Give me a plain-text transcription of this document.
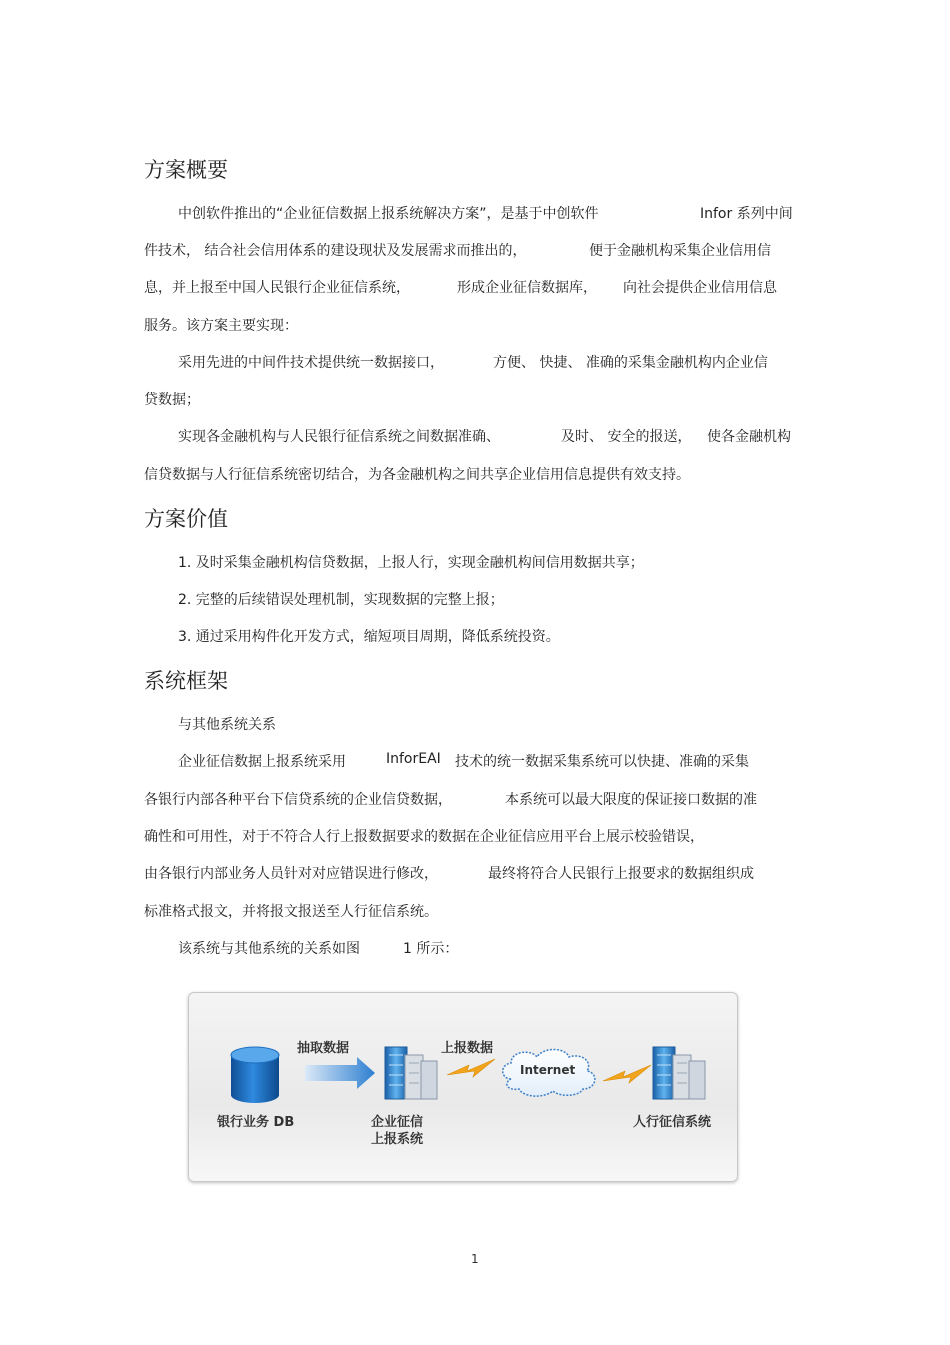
方案概要
中创软件推出的“企业征信数据上报系统解决方案”，是基于中创软件	Infor 系列中间
件技术， 结合社会信用体系的建设现状及发展需求而推出的，	便于金融机构采集企业信用信
息，并上报至中国人民银行企业征信系统，	形成企业征信数据库， 向社会提供企业信用信息
服务。该方案主要实现：
采用先进的中间件技术提供统一数据接口，	方便、 快捷、 准确的采集金融机构内企业信
贷数据；
实现各金融机构与人民银行征信系统之间数据准确、	及时、 安全的报送， 使各金融机构
信贷数据与人行征信系统密切结合，为各金融机构之间共享企业信用信息提供有效支持。
方案价值
1. 及时采集金融机构信贷数据，上报人行，实现金融机构间信用数据共享；
2. 完整的后续错误处理机制，实现数据的完整上报；
3. 通过采用构件化开发方式，缩短项目周期，降低系统投资。
系统框架
与其他系统关系
企业征信数据上报系统采用	InforEAI 技术的统一数据采集系统可以快捷、准确的采集
各银行内部各种平台下信贷系统的企业信贷数据，	本系统可以最大限度的保证接口数据的准
确性和可用性，对于不符合人行上报数据要求的数据在企业征信应用平台上展示校验错误，
由各银行内部业务人员针对对应错误进行修改，	最终将符合人民银行上报要求的数据组织成
标准格式报文，并将报文报送至人行征信系统。
该系统与其他系统的关系如图	1 所示：
抽取数据	上报数据
Internet
银行业务 DB	企业征信
上报系统
人行征信系统
1
